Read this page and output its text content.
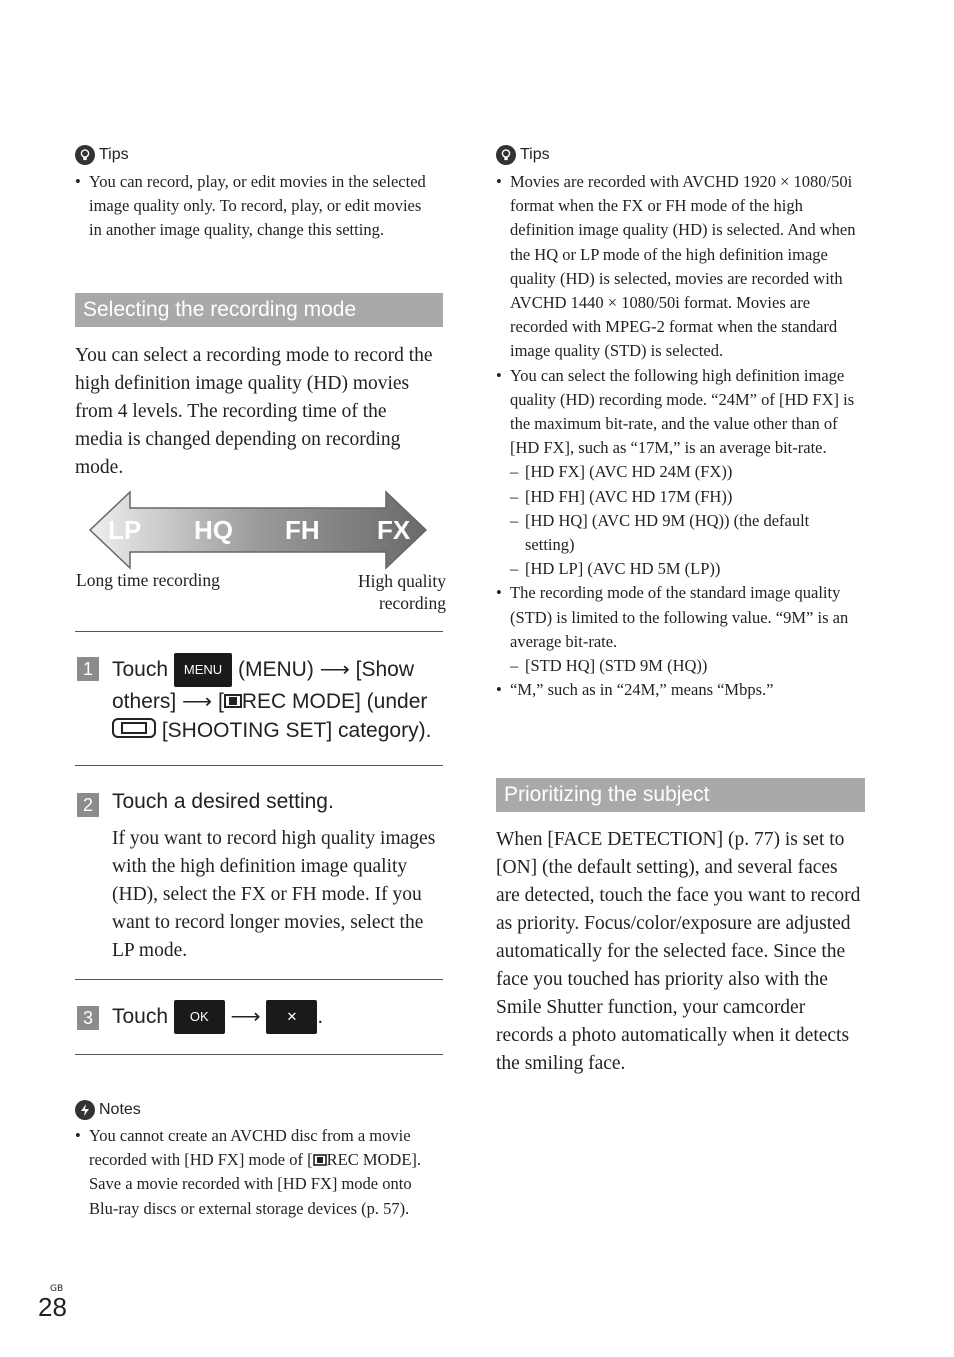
Tips
• You can record, play, or edit movies in the selected image quality only. To record, play, or edit movies in another image quality, change this setting.
Selecting the recording mode
You can select a recording mode to record the high definition image quality (HD) movies from 4 levels. The recording time of the media is changed depending on recording mode.
LP HQ FH FX
Long time recording	High quality
recording
1 Touch MENU (MENU) ⟶ [Show others] ⟶ [ REC MODE] (under
[SHOOTING SET] category).
2 Touch a desired setting.
If you want to record high quality images with the high definition image quality (HD), select the FX or FH mode. If you want to record longer movies, select the LP mode.
3 Touch OK ⟶ ✕ .
Notes
• You cannot create an AVCHD disc from a movie recorded with [HD FX] mode of [ REC MODE]. Save a movie recorded with [HD FX] mode onto Blu-ray discs or external storage devices (p. 57).
Tips
• Movies are recorded with AVCHD 1920 × 1080/50i format when the FX or FH mode of the high definition image quality (HD) is selected. And when the HQ or LP mode of the high definition image quality (HD) is selected, movies are recorded with AVCHD 1440 × 1080/50i format. Movies are recorded with MPEG-2 format when the standard image quality (STD) is selected.
• You can select the following high definition image quality (HD) recording mode. “24M” of [HD FX] is the maximum bit-rate, and the value other than of [HD FX], such as “17M,” is an average bit-rate.
– [HD FX] (AVC HD 24M (FX))
– [HD FH] (AVC HD 17M (FH))
– [HD HQ] (AVC HD 9M (HQ)) (the default setting)
– [HD LP] (AVC HD 5M (LP))
• The recording mode of the standard image quality (STD) is limited to the following value. “9M” is an average bit-rate.
– [STD HQ] (STD 9M (HQ))
• “M,” such as in “24M,” means “Mbps.”
Prioritizing the subject
When [FACE DETECTION] (p. 77) is set to [ON] (the default setting), and several faces are detected, touch the face you want to record as priority. Focus/color/exposure are adjusted automatically for the selected face. Since the face you touched has priority also with the Smile Shutter function, your camcorder records a photo automatically when it detects the smiling face.
GB
28
